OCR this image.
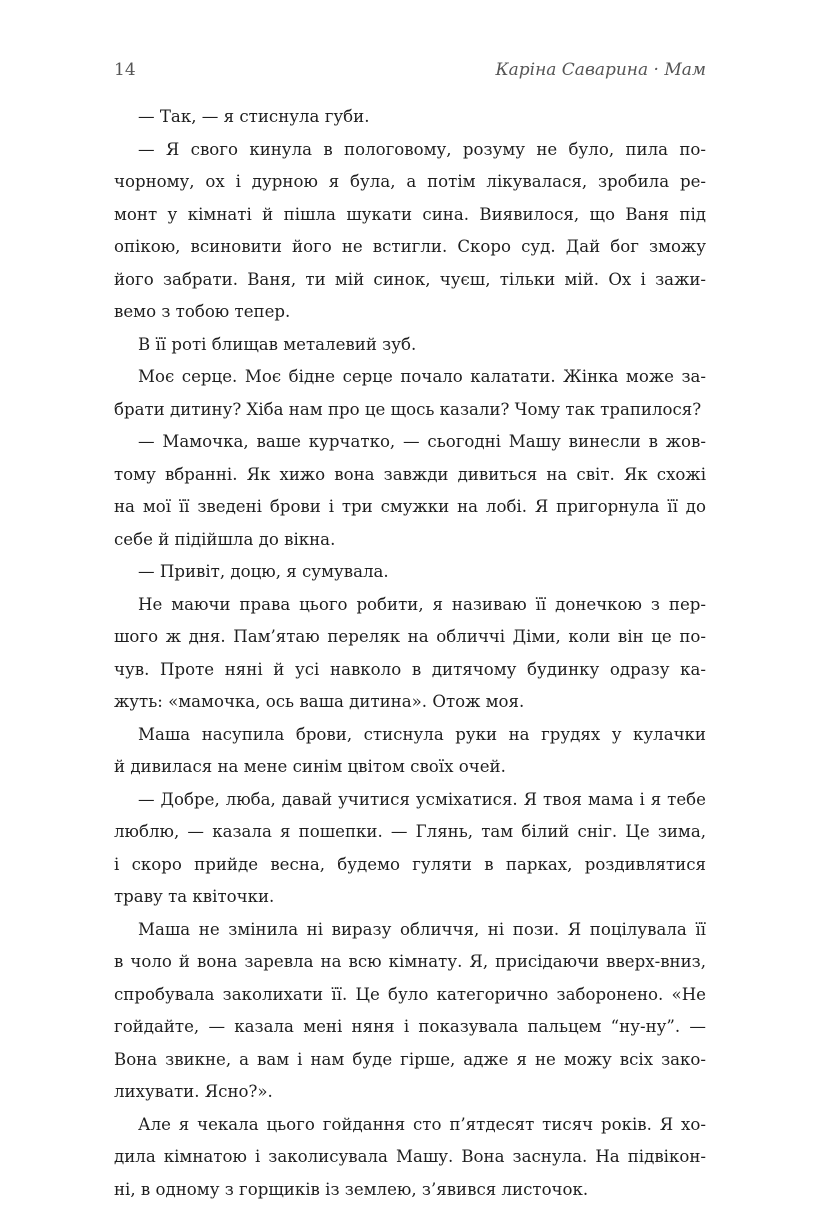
14	Каріна Саварина · Мам

— Так, — я стиснула губи.

— Я свого кинула в пологовому, розуму не було, пила по-

чорному, ох і дурною я була, а потім лікувалася, зробила ре-

монт у кімнаті й пішла шукати сина. Виявилося, що Ваня під

опікою, всиновити його не встигли. Скоро суд. Дай бог зможу

його забрати. Ваня, ти мій синок, чуєш, тільки мій. Ох і зажи-

вемо з тобою тепер.

В її роті блищав металевий зуб.

Моє серце. Моє бідне серце почало калатати. Жінка може за-

брати дитину? Хіба нам про це щось казали? Чому так трапилося?

— Мамочка, ваше курчатко, — сьогодні Машу винесли в жов-

тому вбранні. Як хижо вона завжди дивиться на світ. Як схожі

на мої її зведені брови і три смужки на лобі. Я пригорнула її до

себе й підійшла до вікна.

— Привіт, доцю, я сумувала.

Не маючи права цього робити, я називаю її донечкою з пер-

шого ж дня. Пам’ятаю переляк на обличчі Діми, коли він це по-

чув. Проте няні й усі навколо в дитячому будинку одразу ка-

жуть: «мамочка, ось ваша дитина». Отож моя.

Маша насупила брови, стиснула руки на грудях у кулачки

й дивилася на мене синім цвітом своїх очей.

— Добре, люба, давай учитися усміхатися. Я твоя мама і я тебе

люблю, — казала я пошепки. — Глянь, там білий сніг. Це зима,

і скоро прийде весна, будемо гуляти в парках, роздивлятися

траву та квіточки.

Маша не змінила ні виразу обличчя, ні пози. Я поцілувала її

в чоло й вона заревла на всю кімнату. Я, присідаючи вверх-вниз,

спробувала заколихати її. Це було категорично заборонено. «Не

гойдайте, — казала мені няня і показувала пальцем “ну-ну”. —

Вона звикне, а вам і нам буде гірше, адже я не можу всіх зако-

лихувати. Ясно?».

Але я чекала цього гойдання сто п’ятдесят тисяч років. Я хо-

дила кімнатою і заколисувала Машу. Вона заснула. На підвікон-

ні, в одному з горщиків із землею, з’явився листочок.
